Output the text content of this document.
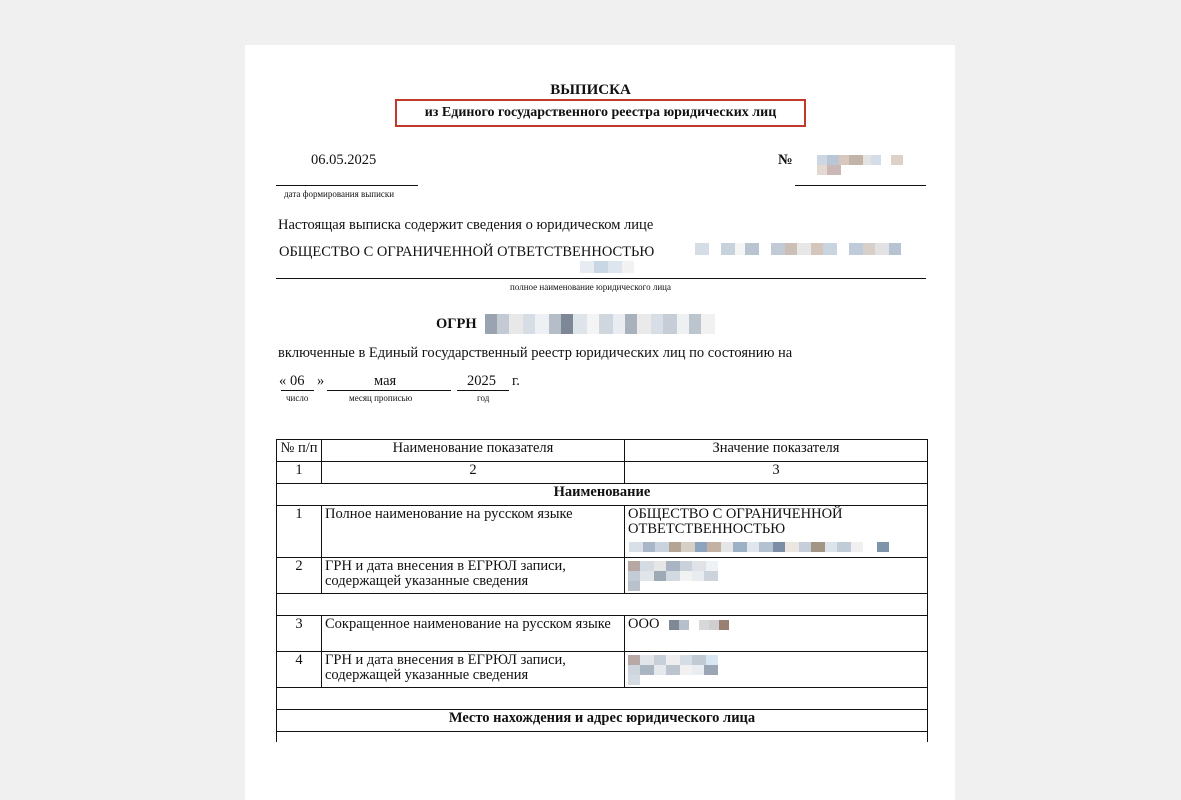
ВЫПИСКА
из Единого государственного реестра юридических лиц
06.05.2025
дата формирования выписки
№
Настоящая выписка содержит сведения о юридическом лице
ОБЩЕСТВО С ОГРАНИЧЕННОЙ ОТВЕТСТВЕННОСТЬЮ
полное наименование юридического лица
ОГРН
включенные в Единый государственный реестр юридических лиц по состоянию на
« 06 »
число
мая
месяц прописью
2025 г.
год
№ п/п	Наименование показателя	Значение показателя
1	2	3
Наименование		
1	Полное наименование на русском языке	ОБЩЕСТВО С ОГРАНИЧЕННОЙ ОТВЕТСТВЕННОСТЬЮ

2	ГРН и дата внесения в ЕГРЮЛ записи, содержащей указанные сведения	

3	Сокращенное наименование на русском языке	ООО

4	ГРН и дата внесения в ЕГРЮЛ записи, содержащей указанные сведения	

Место нахождения и адрес юридического лица		
